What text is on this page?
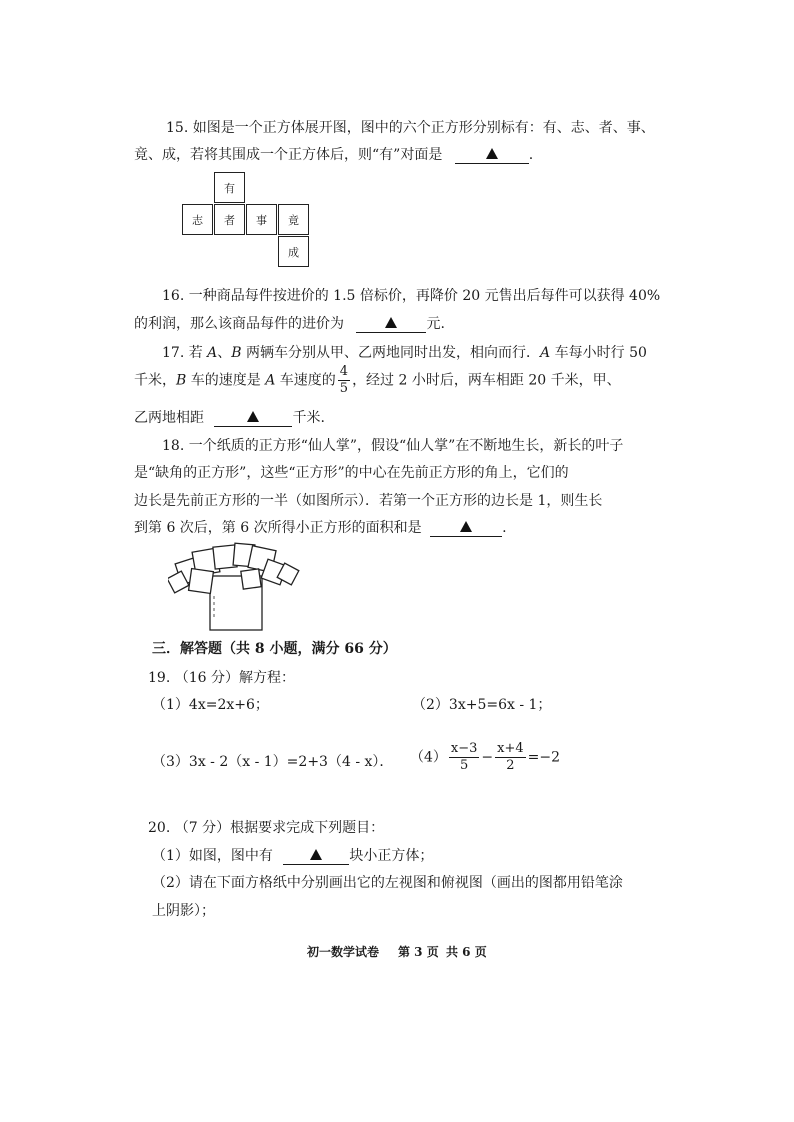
15. 如图是一个正方体展开图，图中的六个正方形分别标有：有、志、者、事、
竟、成，若将其围成一个正方体后，则“有”对面是	.
有
志	者	事	竟
成
16. 一种商品每件按进价的 1.5 倍标价，再降价 20 元售出后每件可以获得 40%
的利润，那么该商品每件的进价为	元.
17. 若 A、B 两辆车分别从甲、乙两地同时出发，相向而行．A 车每小时行 50
千米，B 车的速度是 A 车速度的 $\frac{4}{5}$ ，经过 2 小时后，两车相距 20 千米，甲、
乙两地相距	千米.
18. 一个纸质的正方形“仙人掌”，假设“仙人掌”在不断地生长，新长的叶子
是“缺角的正方形”，这些“正方形”的中心在先前正方形的角上，它们的
边长是先前正方形的一半（如图所示）．若第一个正方形的边长是 1，则生长
到第 6 次后，第 6 次所得小正方形的面积和是	.
三．解答题（共 8 小题，满分 66 分）
19. （16 分）解方程：
（1）4x=2x+6；	（2）3x+5=6x - 1；
（3）3x - 2（x - 1）=2+3（4 - x）． $(4) \frac{x-3}{5} - \frac{x+4}{2} =-2$
20. （7 分）根据要求完成下列题目：
（1）如图，图中有	块小正方体；
（2）请在下面方格纸中分别画出它的左视图和俯视图（画出的图都用铅笔涂
上阴影）；
初一数学试卷 第 3 页 共 6 页
